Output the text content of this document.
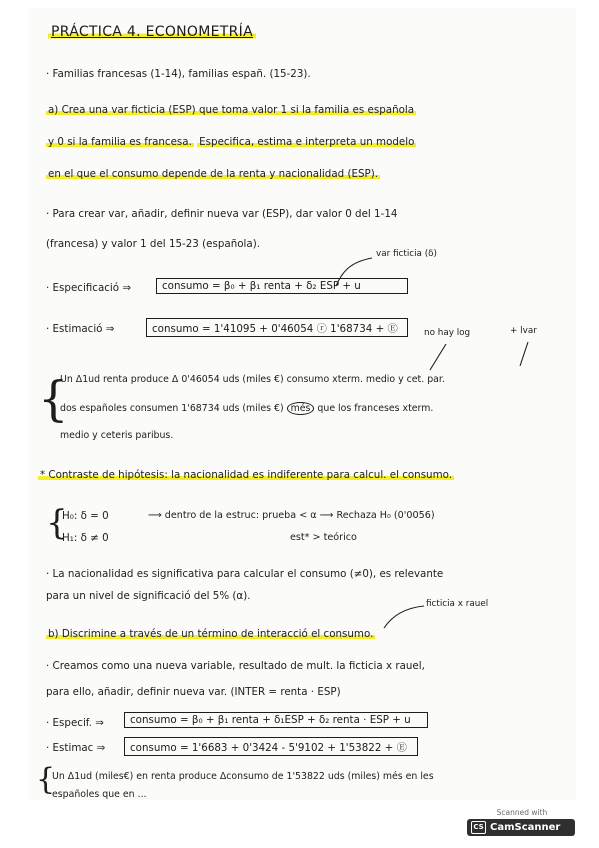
PRÁCTICA 4. ECONOMETRÍA
· Familias francesas (1-14), familias españ. (15-23).
a) Crea una var ficticia (ESP) que toma valor 1 si la familia es española
y 0 si la familia es francesa. Especifica, estima e interpreta un modelo
en el que el consumo depende de la renta y nacionalidad (ESP).
· Para crear var, añadir, definir nueva var (ESP), dar valor 0 del 1-14
(francesa) y valor 1 del 15-23 (española).
var ficticia (δ)
· Especificació ⇒	consumo = β₀ + β₁ renta + δ₂ ESP + u
· Estimació ⇒	consumo = 1'41095 + 0'46054 ⓡ 1'68734 + Ⓔ	no hay log	+ lvar
{
Un Δ1ud renta produce Δ 0'46054 uds (miles €) consumo xterm. medio y cet. par.
dos españoles consumen 1'68734 uds (miles €) més que los franceses xterm.
medio y ceteris paribus.
* Contraste de hipótesis: la nacionalidad es indiferente para calcul. el consumo.
{
H₀: δ = 0	⟶ dentro de la estruc: prueba < α ⟶ Rechaza H₀ (0'0056)
H₁: δ ≠ 0	est* > teórico
· La nacionalidad es significativa para calcular el consumo (≠0), es relevante
para un nivel de significació del 5% (α).
ficticia x rauel
b) Discrimine a través de un término de interacció el consumo.
· Creamos como una nueva variable, resultado de mult. la ficticia x rauel,
para ello, añadir, definir nueva var. (INTER = renta · ESP)
· Especif. ⇒	consumo = β₀ + β₁ renta + δ₁ESP + δ₂ renta · ESP + u
· Estimac ⇒	consumo = 1'6683 + 0'3424 - 5'9102 + 1'53822 + Ⓔ
{
Un Δ1ud (miles€) en renta produce Δconsumo de 1'53822 uds (miles) més en les
españoles que en ...
Scanned with
CS CamScanner
